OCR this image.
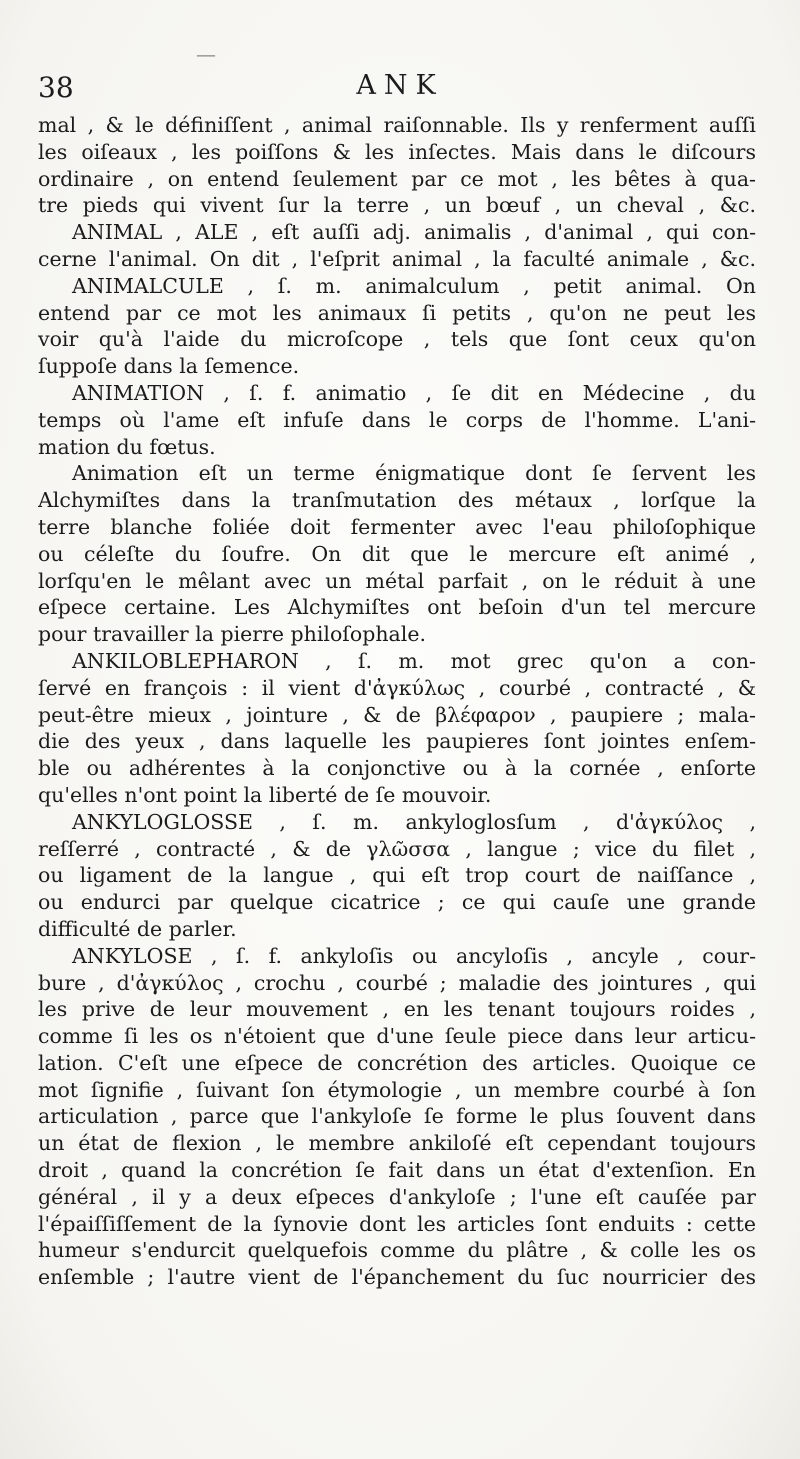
—
38	ANK
mal , & le définiſſent , animal raiſonnable. Ils y renferment auſſi
les oiſeaux , les poiſſons & les inſectes. Mais dans le diſcours
ordinaire , on entend ſeulement par ce mot , les bêtes à qua-
tre pieds qui vivent ſur la terre , un bœuf , un cheval , &c.
ANIMAL , ALE , eſt auſſi adj. animalis , d'animal , qui con-
cerne l'animal. On dit , l'eſprit animal , la faculté animale , &c.
ANIMALCULE , ſ. m. animalculum , petit animal. On
entend par ce mot les animaux ſi petits , qu'on ne peut les
voir qu'à l'aide du microſcope , tels que ſont ceux qu'on
ſuppoſe dans la ſemence.
ANIMATION , ſ. f. animatio , ſe dit en Médecine , du
temps où l'ame eſt infuſe dans le corps de l'homme. L'ani-
mation du fœtus.
Animation eſt un terme énigmatique dont ſe ſervent les
Alchymiſtes dans la tranſmutation des métaux , lorſque la
terre blanche foliée doit fermenter avec l'eau philoſophique
ou céleſte du ſoufre. On dit que le mercure eſt animé ,
lorſqu'en le mêlant avec un métal parfait , on le réduit à une
eſpece certaine. Les Alchymiſtes ont beſoin d'un tel mercure
pour travailler la pierre philoſophale.
ANKILOBLEPHARON , ſ. m. mot grec qu'on a con-
ſervé en françois : il vient d'ἀγκύλως , courbé , contracté , &
peut-être mieux , jointure , & de βλέφαρον , paupiere ; mala-
die des yeux , dans laquelle les paupieres ſont jointes enſem-
ble ou adhérentes à la conjonctive ou à la cornée , enſorte
qu'elles n'ont point la liberté de ſe mouvoir.
ANKYLOGLOSSE , ſ. m. ankyloglosſum , d'ἀγκύλος ,
reſſerré , contracté , & de γλῶσσα , langue ; vice du filet ,
ou ligament de la langue , qui eſt trop court de naiſſance ,
ou endurci par quelque cicatrice ; ce qui cauſe une grande
difficulté de parler.
ANKYLOSE , ſ. f. ankyloſis ou ancyloſis , ancyle , cour-
bure , d'ἀγκύλος , crochu , courbé ; maladie des jointures , qui
les prive de leur mouvement , en les tenant toujours roides ,
comme ſi les os n'étoient que d'une ſeule piece dans leur articu-
lation. C'eſt une eſpece de concrétion des articles. Quoique ce
mot ſignifie , ſuivant ſon étymologie , un membre courbé à ſon
articulation , parce que l'ankyloſe ſe forme le plus ſouvent dans
un état de flexion , le membre ankiloſé eſt cependant toujours
droit , quand la concrétion ſe fait dans un état d'extenſion. En
général , il y a deux eſpeces d'ankyloſe ; l'une eſt cauſée par
l'épaiſſiſſement de la ſynovie dont les articles ſont enduits : cette
humeur s'endurcit quelquefois comme du plâtre , & colle les os
enſemble ; l'autre vient de l'épanchement du ſuc nourricier des
